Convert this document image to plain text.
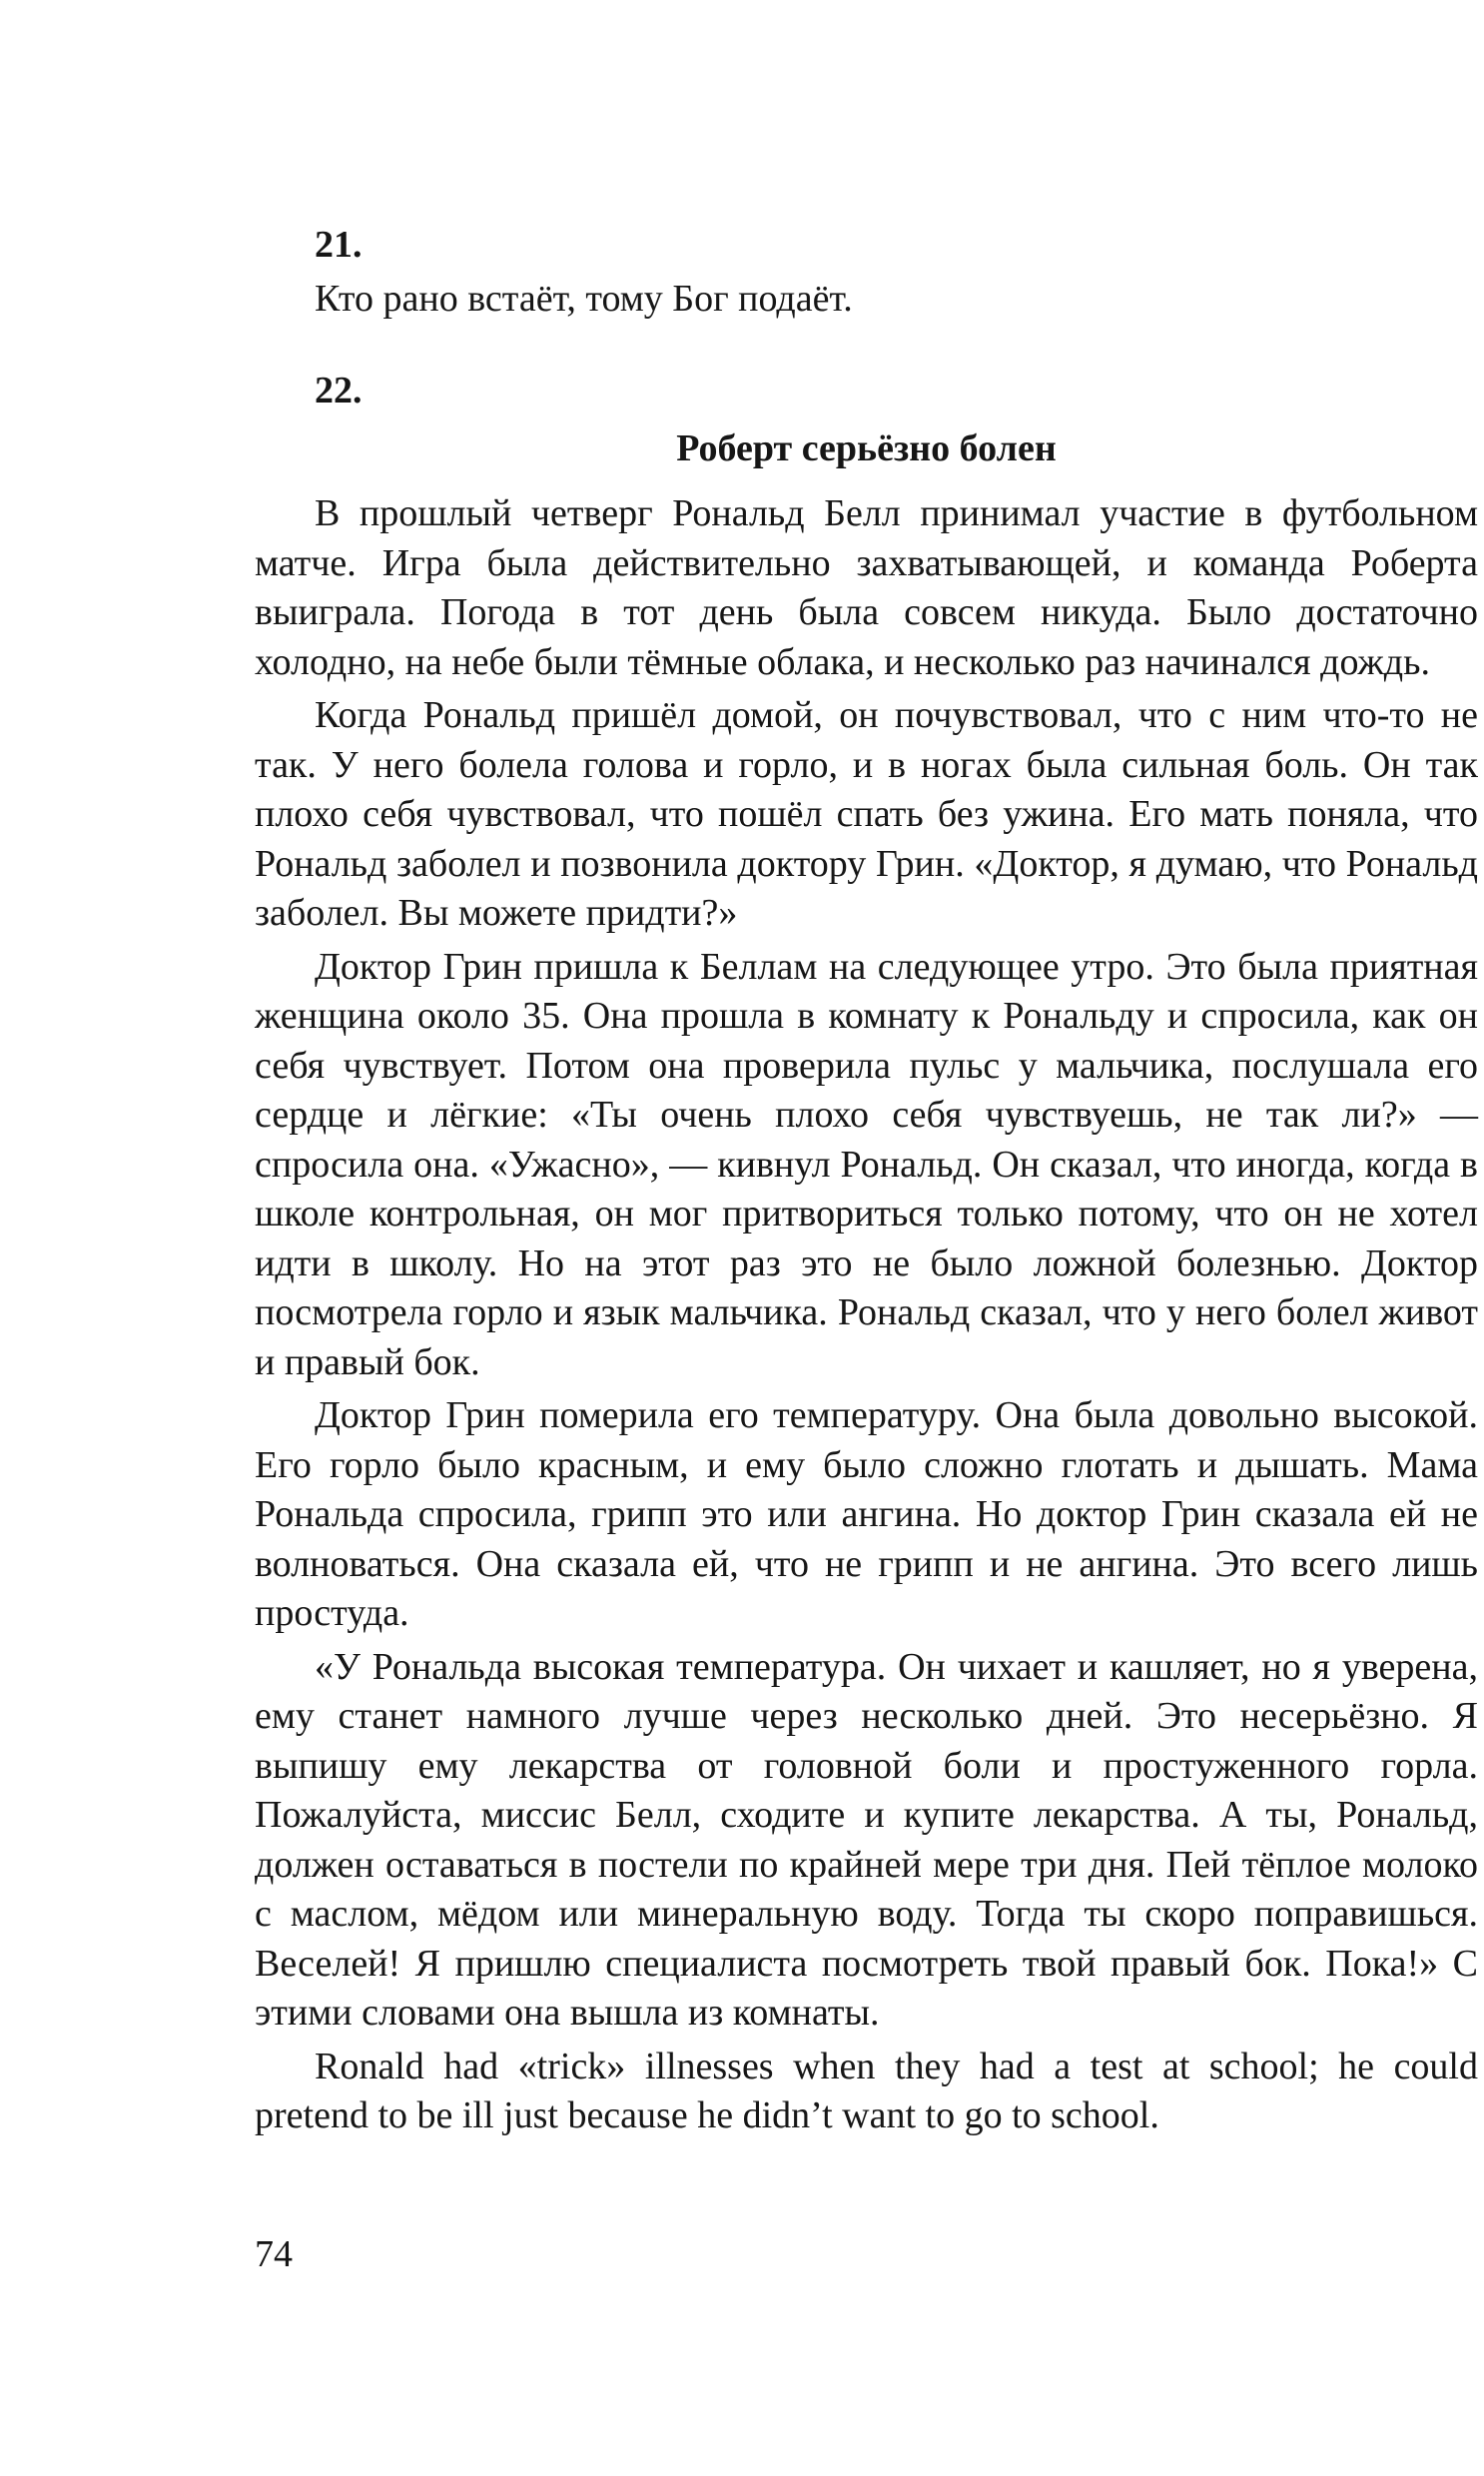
21.
Кто рано встаёт, тому Бог подаёт.
22.
Роберт серьёзно болен

В прошлый четверг Рональд Белл принимал участие в футбольном матче. Игра была действительно захватывающей, и команда Роберта выиграла. Погода в тот день была совсем никуда. Было достаточно холодно, на небе были тёмные облака, и несколько раз начинался дождь.

Когда Рональд пришёл домой, он почувствовал, что с ним что-то не так. У него болела голова и горло, и в ногах была сильная боль. Он так плохо себя чувствовал, что пошёл спать без ужина. Его мать поняла, что Рональд заболел и позвонила доктору Грин. «Доктор, я думаю, что Рональд заболел. Вы можете придти?»

Доктор Грин пришла к Беллам на следующее утро. Это была приятная женщина около 35. Она прошла в комнату к Рональду и спросила, как он себя чувствует. Потом она проверила пульс у мальчика, послушала его сердце и лёгкие: «Ты очень плохо себя чувствуешь, не так ли?» — спросила она. «Ужасно», — кивнул Рональд. Он сказал, что иногда, когда в школе контрольная, он мог притвориться только потому, что он не хотел идти в школу. Но на этот раз это не было ложной болезнью. Доктор посмотрела горло и язык мальчика. Рональд сказал, что у него болел живот и правый бок.

Доктор Грин померила его температуру. Она была довольно высокой. Его горло было красным, и ему было сложно глотать и дышать. Мама Рональда спросила, грипп это или ангина. Но доктор Грин сказала ей не волноваться. Она сказала ей, что не грипп и не ангина. Это всего лишь простуда.

«У Рональда высокая температура. Он чихает и кашляет, но я уверена, ему станет намного лучше через несколько дней. Это несерьёзно. Я выпишу ему лекарства от головной боли и простуженного горла. Пожалуйста, миссис Белл, сходите и купите лекарства. А ты, Рональд, должен оставаться в постели по крайней мере три дня. Пей тёплое молоко с маслом, мёдом или минеральную воду. Тогда ты скоро поправишься. Веселей! Я пришлю специалиста посмотреть твой правый бок. Пока!» С этими словами она вышла из комнаты.

Ronald had «trick» illnesses when they had a test at school; he could pretend to be ill just because he didn’t want to go to school.

74
